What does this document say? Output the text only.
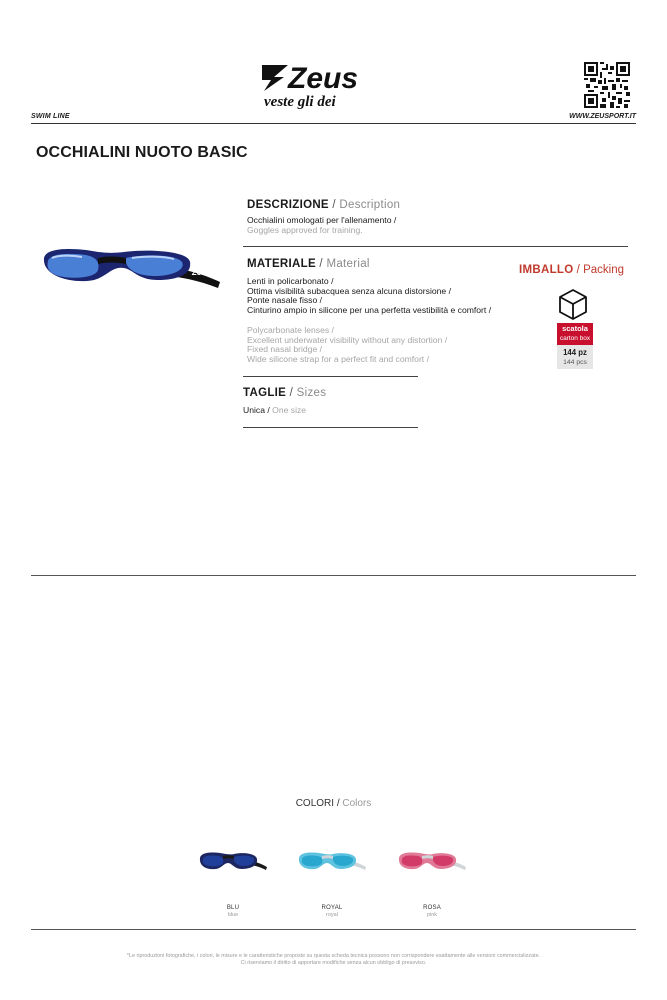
Zeus
veste gli dei
SWIM LINE	WWW.ZEUSPORT.IT
OCCHIALINI NUOTO BASIC
Zeus
DESCRIZIONE / Description
Occhialini omologati per l'allenamento /
Goggles approved for training.
MATERIALE / Material
Lenti in policarbonato /
Ottima visibilità subacquea senza alcuna distorsione /
Ponte nasale fisso /
Cinturino ampio in silicone per una perfetta vestibilità e comfort /
Polycarbonate lenses /
Excellent underwater visibility without any distortion /
Fixed nasal bridge /
Wide silicone strap for a perfect fit and comfort /
TAGLIE / Sizes
Unica / One size
IMBALLO / Packing
scatola
carton box
144 pz
144 pcs
COLORI / Colors
BLU
blue
ROYAL
royal
ROSA
pink
*Le riproduzioni fotografiche, i colori, le misure e le caratteristiche proposte su questa scheda tecnica possono non corrispondere esattamente alle versioni commercializzate.
Ci riserviamo il diritto di apportare modifiche senza alcun obbligo di preavviso.
